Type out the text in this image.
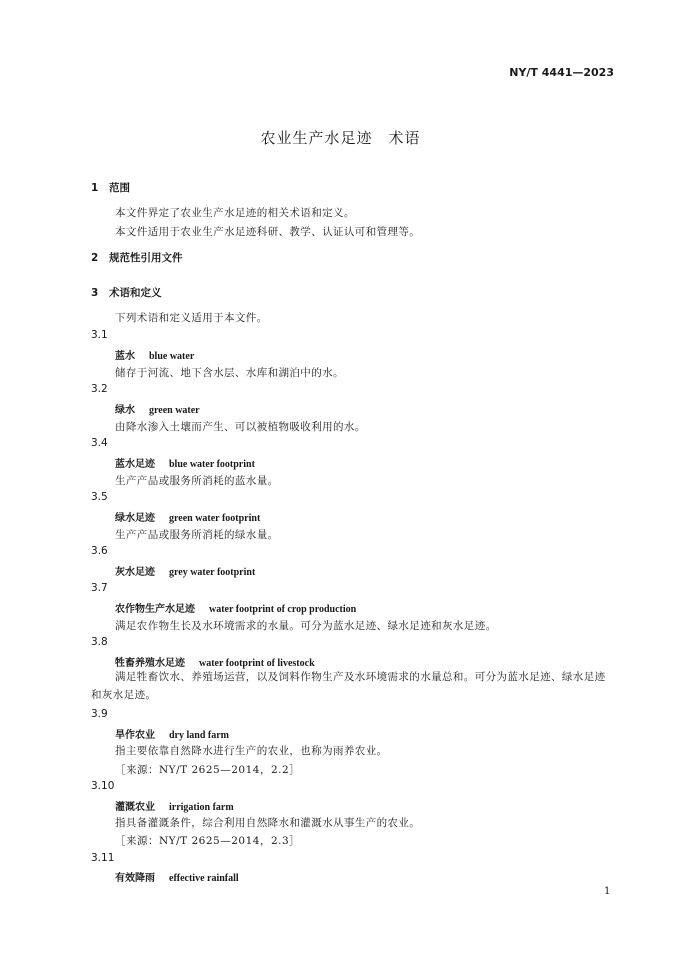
NY/T 4441—2023
农业生产水足迹　术语
1 范围
本文件界定了农业生产水足迹的相关术语和定义。
本文件适用于农业生产水足迹科研、教学、认证认可和管理等。
2 规范性引用文件
3 术语和定义
下列术语和定义适用于本文件。
3.1
蓝水 blue water
储存于河流、地下含水层、水库和湖泊中的水。
3.2
绿水 green water
由降水渗入土壤而产生、可以被植物吸收利用的水。
3.4
蓝水足迹 blue water footprint
生产产品或服务所消耗的蓝水量。
3.5
绿水足迹 green water footprint
生产产品或服务所消耗的绿水量。
3.6
灰水足迹 grey water footprint
3.7
农作物生产水足迹 water footprint of crop production
满足农作物生长及水环境需求的水量。可分为蓝水足迹、绿水足迹和灰水足迹。
3.8
牲畜养殖水足迹 water footprint of livestock
满足牲畜饮水、养殖场运营，以及饲料作物生产及水环境需求的水量总和。可分为蓝水足迹、绿水足迹和灰水足迹。
3.9
旱作农业 dry land farm
指主要依靠自然降水进行生产的农业，也称为雨养农业。
［来源：NY/T 2625—2014，2.2］
3.10
灌溉农业 irrigation farm
指具备灌溉条件，综合利用自然降水和灌溉水从事生产的农业。
［来源：NY/T 2625—2014，2.3］
3.11
有效降雨 effective rainfall
1
